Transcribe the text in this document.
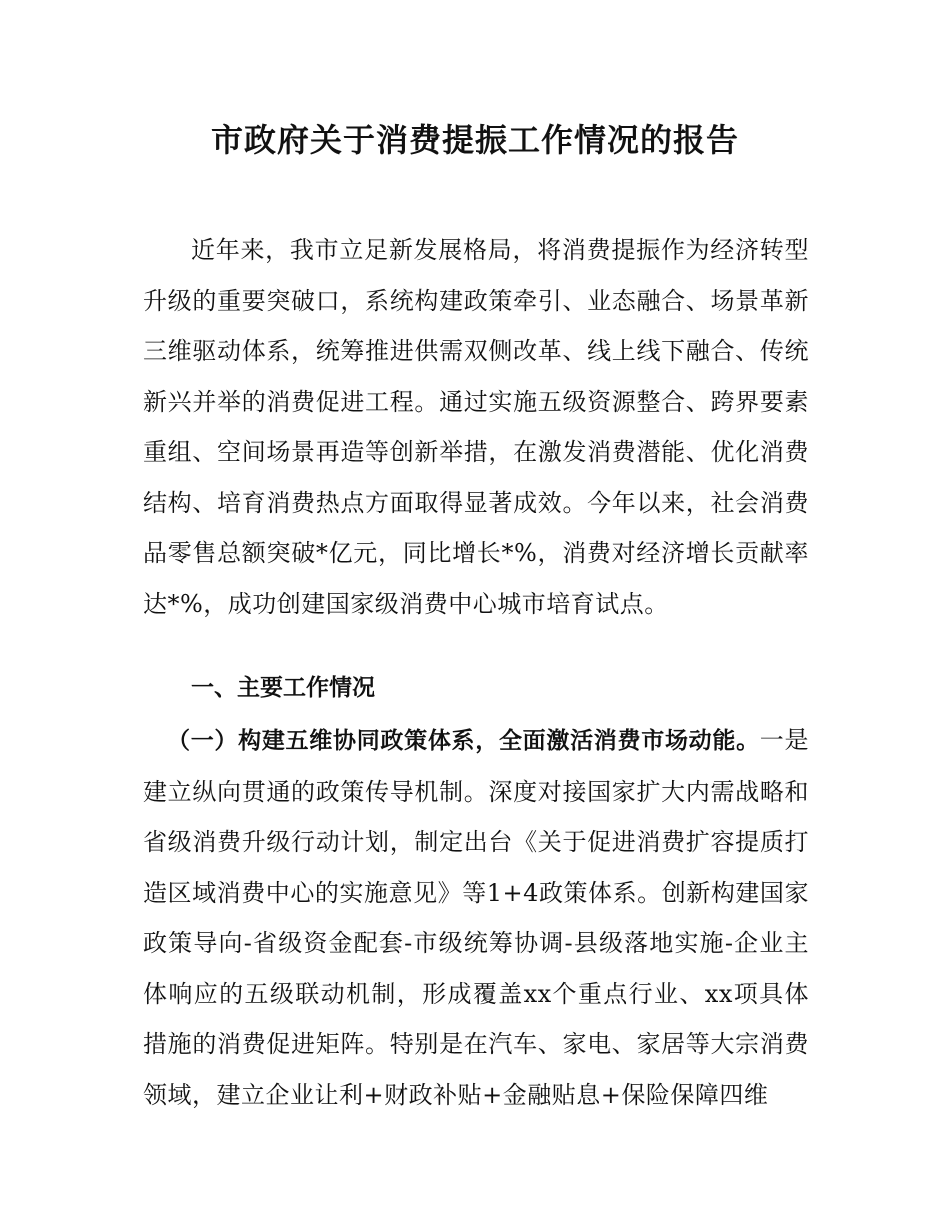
市政府关于消费提振工作情况的报告

近年来，我市立足新发展格局，将消费提振作为经济转型升级的重要突破口，系统构建政策牵引、业态融合、场景革新三维驱动体系，统筹推进供需双侧改革、线上线下融合、传统新兴并举的消费促进工程。通过实施五级资源整合、跨界要素重组、空间场景再造等创新举措，在激发消费潜能、优化消费结构、培育消费热点方面取得显著成效。今年以来，社会消费品零售总额突破*亿元，同比增长*%，消费对经济增长贡献率达*%，成功创建国家级消费中心城市培育试点。

一、主要工作情况

（一）构建五维协同政策体系，全面激活消费市场动能。一是建立纵向贯通的政策传导机制。深度对接国家扩大内需战略和省级消费升级行动计划，制定出台《关于促进消费扩容提质打造区域消费中心的实施意见》等1+4政策体系。创新构建国家政策导向-省级资金配套-市级统筹协调-县级落地实施-企业主体响应的五级联动机制，形成覆盖xx个重点行业、xx项具体措施的消费促进矩阵。特别是在汽车、家电、家居等大宗消费领域，建立企业让利+财政补贴+金融贴息+保险保障四维
